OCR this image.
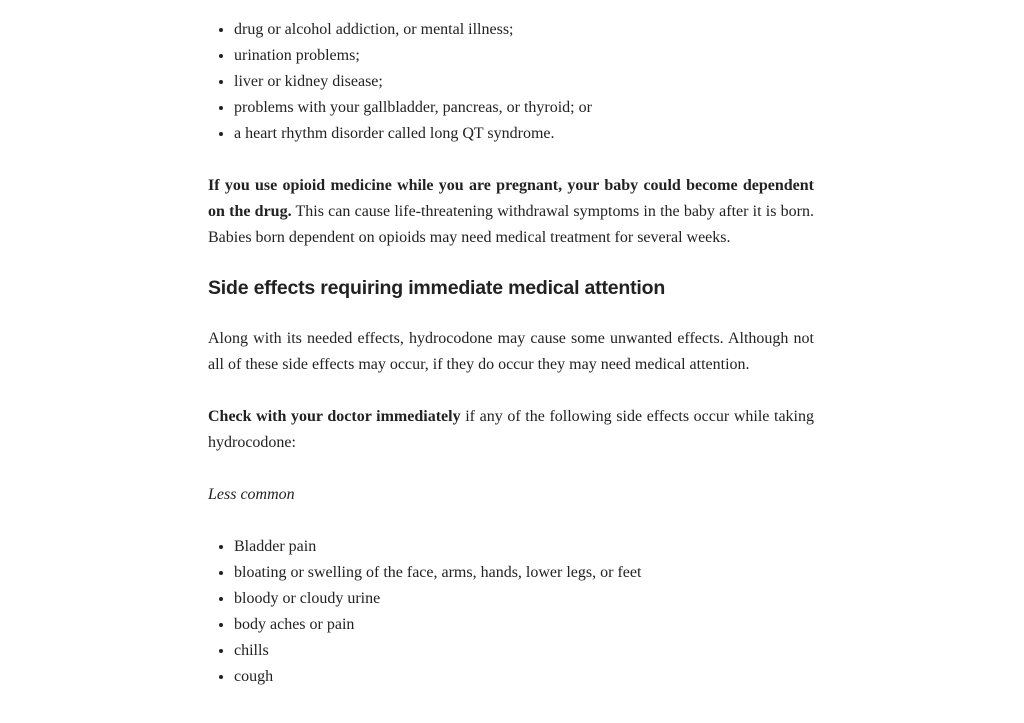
• drug or alcohol addiction, or mental illness;
• urination problems;
• liver or kidney disease;
• problems with your gallbladder, pancreas, or thyroid; or
• a heart rhythm disorder called long QT syndrome.

If you use opioid medicine while you are pregnant, your baby could become dependent on the drug. This can cause life-threatening withdrawal symptoms in the baby after it is born. Babies born dependent on opioids may need medical treatment for several weeks.

Side effects requiring immediate medical attention

Along with its needed effects, hydrocodone may cause some unwanted effects. Although not all of these side effects may occur, if they do occur they may need medical attention.

Check with your doctor immediately if any of the following side effects occur while taking hydrocodone:

Less common

• Bladder pain
• bloating or swelling of the face, arms, hands, lower legs, or feet
• bloody or cloudy urine
• body aches or pain
• chills
• cough
